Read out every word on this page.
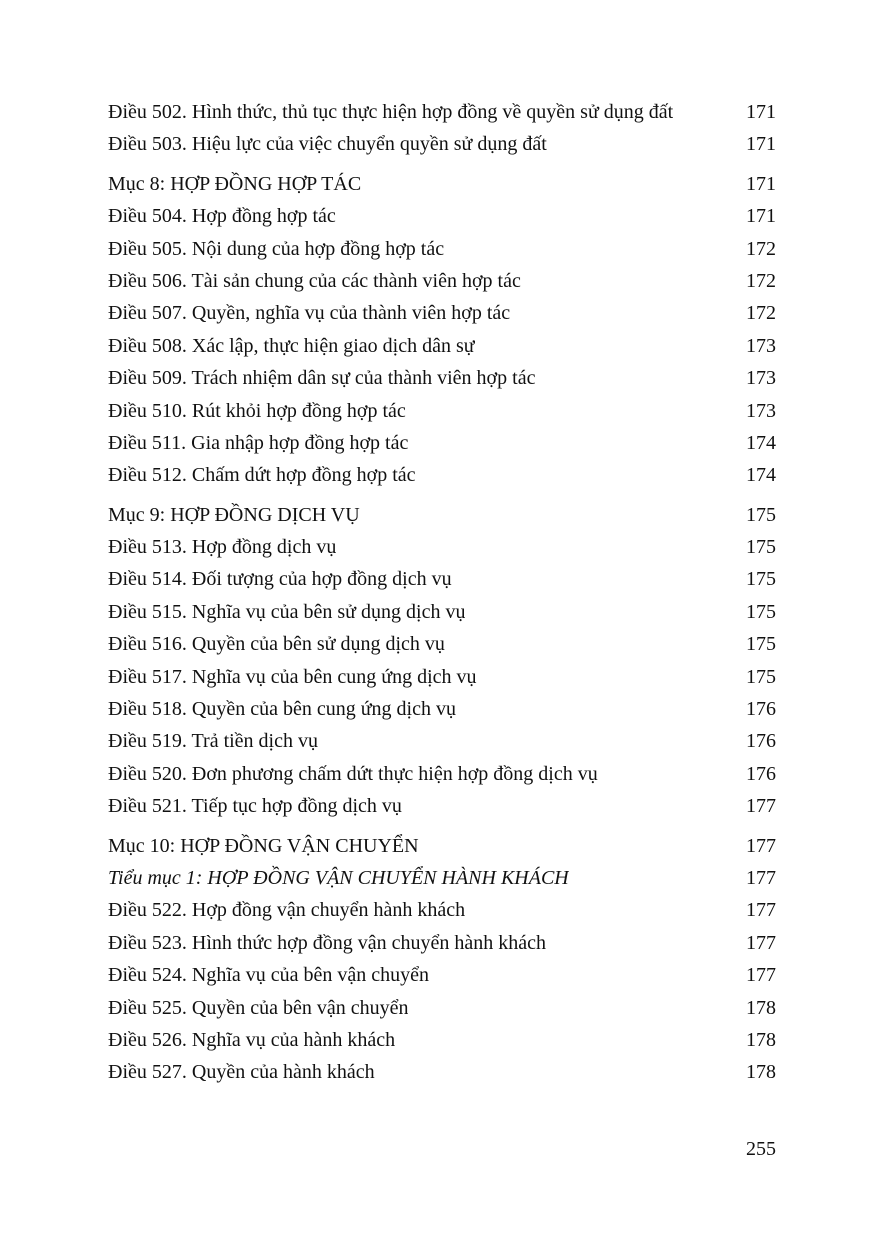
Điều 502. Hình thức, thủ tục thực hiện hợp đồng về quyền sử dụng đất	171
Điều 503. Hiệu lực của việc chuyển quyền sử dụng đất	171
Mục 8: HỢP ĐỒNG HỢP TÁC	171
Điều 504. Hợp đồng hợp tác	171
Điều 505. Nội dung của hợp đồng hợp tác	172
Điều 506. Tài sản chung của các thành viên hợp tác	172
Điều 507. Quyền, nghĩa vụ của thành viên hợp tác	172
Điều 508. Xác lập, thực hiện giao dịch dân sự	173
Điều 509. Trách nhiệm dân sự của thành viên hợp tác	173
Điều 510. Rút khỏi hợp đồng hợp tác	173
Điều 511. Gia nhập hợp đồng hợp tác	174
Điều 512. Chấm dứt hợp đồng hợp tác	174
Mục 9: HỢP ĐỒNG DỊCH VỤ	175
Điều 513. Hợp đồng dịch vụ	175
Điều 514. Đối tượng của hợp đồng dịch vụ	175
Điều 515. Nghĩa vụ của bên sử dụng dịch vụ	175
Điều 516. Quyền của bên sử dụng dịch vụ	175
Điều 517. Nghĩa vụ của bên cung ứng dịch vụ	175
Điều 518. Quyền của bên cung ứng dịch vụ	176
Điều 519. Trả tiền dịch vụ	176
Điều 520. Đơn phương chấm dứt thực hiện hợp đồng dịch vụ	176
Điều 521. Tiếp tục hợp đồng dịch vụ	177
Mục 10: HỢP ĐỒNG VẬN CHUYỂN	177
Tiểu mục 1: HỢP ĐỒNG VẬN CHUYỂN HÀNH KHÁCH	177
Điều 522. Hợp đồng vận chuyển hành khách	177
Điều 523. Hình thức hợp đồng vận chuyển hành khách	177
Điều 524. Nghĩa vụ của bên vận chuyển	177
Điều 525. Quyền của bên vận chuyển	178
Điều 526. Nghĩa vụ của hành khách	178
Điều 527. Quyền của hành khách	178
255
